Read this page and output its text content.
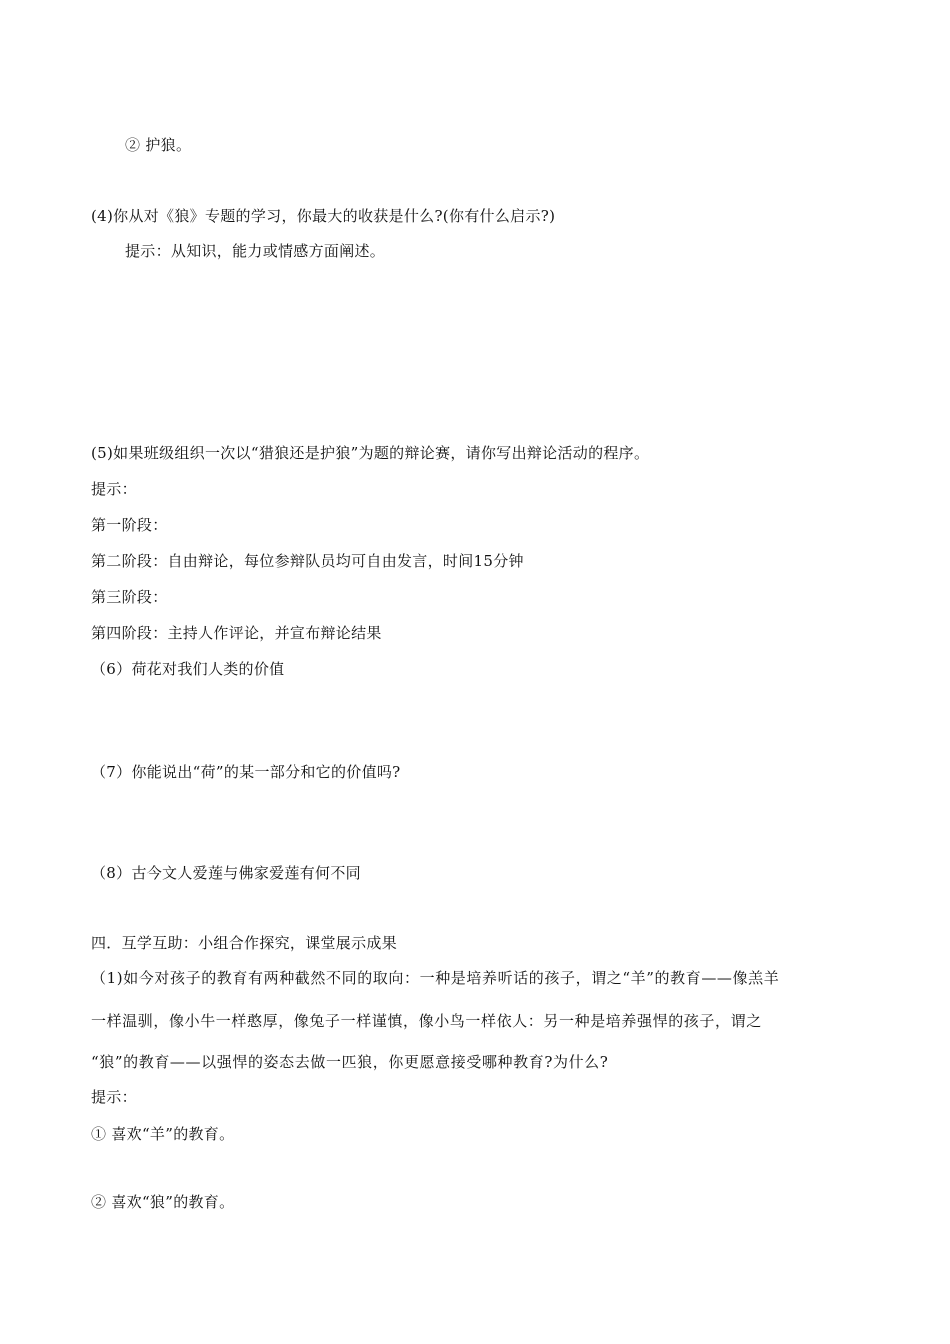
② 护狼。
(4)你从对《狼》专题的学习，你最大的收获是什么?(你有什么启示?)
提示：从知识，能力或情感方面阐述。
(5)如果班级组织一次以“猎狼还是护狼”为题的辩论赛，请你写出辩论活动的程序。
提示：
第一阶段：
第二阶段：自由辩论，每位参辩队员均可自由发言，时间15分钟
第三阶段：
第四阶段：主持人作评论，并宣布辩论结果
（6）荷花对我们人类的价值
（7）你能说出“荷”的某一部分和它的价值吗?
（8）古今文人爱莲与佛家爱莲有何不同
四．互学互助：小组合作探究，课堂展示成果
（1)如今对孩子的教育有两种截然不同的取向：一种是培养听话的孩子，谓之“羊”的教育——像羔羊
一样温驯，像小牛一样憨厚，像兔子一样谨慎，像小鸟一样依人：另一种是培养强悍的孩子，谓之
“狼”的教育——以强悍的姿态去做一匹狼，你更愿意接受哪种教育?为什么?
提示：
① 喜欢“羊”的教育。
② 喜欢“狼”的教育。
